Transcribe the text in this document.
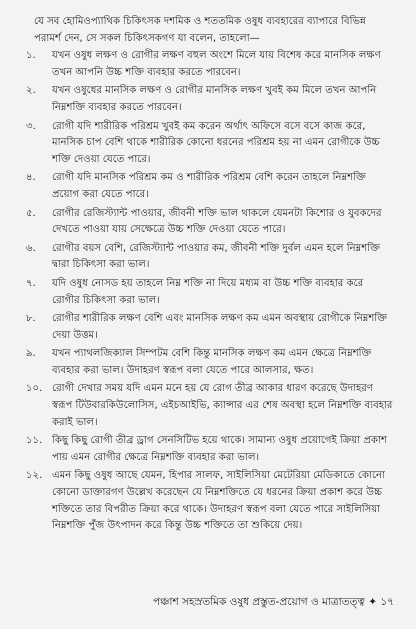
যে সব হোমিওপ্যাথিক চিকিৎসক দশমিক ও শততমিক ওষুধ ব্যবহারের ব্যাপারে বিভিন্ন পরামর্শ দেন, সে সকল চিকিৎসকগণ যা বলেন, তাহলো—

১.	যখন ওষুধ লক্ষণ ও রোগীর লক্ষণ বহুল অংশে মিলে যায় বিশেষ করে মানসিক লক্ষণ তখন আপনি উচ্চ শক্তি ব্যবহার করতে পারবেন।
২.	যখন ওষুধের মানসিক লক্ষণ ও রোগীর মানসিক লক্ষণ খুবই কম মিলে তখন আপনি নিম্নশক্তি ব্যবহার করতে পারবেন।
৩.	রোগী যদি শারীরিক পরিশ্রম খুবই কম করেন অর্থাৎ অফিসে বসে বসে কাজ করে, মানসিক চাপ বেশি থাকে শারীরিক কোনো ধরনের পরিশ্রম হয় না এমন রোগীকে উচ্চ শক্তি দেওয়া যেতে পারে।
৪.	রোগী যদি মানসিক পরিশ্রম কম ও শারীরিক পরিশ্রম বেশি করেন তাহলে নিম্নশক্তি প্রয়োগ করা যেতে পারে।
৫.	রোগীর রেজিস্ট্যান্ট পাওয়ার, জীবনী শক্তি ভাল থাকলে যেমনটা কিশোর ও যুবকদের দেখতে পাওয়া যায় সেক্ষেত্রে উচ্চ শক্তি দেওয়া যেতে পারে।
৬.	রোগীর বয়স বেশি, রেজিস্ট্যান্ট পাওয়ার কম, জীবনী শক্তি দুর্বল এমন হলে নিম্নশক্তি দ্বারা চিকিৎসা করা ভাল।
৭.	যদি ওষুধ নোসড হয় তাহলে নিম্ন শক্তি না দিয়ে মধ্যম বা উচ্চ শক্তি ব্যবহার করে রোগীর চিকিৎসা করা ভাল।
৮.	রোগীর শারীরিক লক্ষণ বেশি এবং মানসিক লক্ষণ কম এমন অবস্থায় রোগীকে নিম্নশক্তি দেয়া উত্তম।
৯.	যখন প্যাথলজিক্যাল সিম্পটম বেশি কিন্তু মানসিক লক্ষণ কম এমন ক্ষেত্রে নিম্নশক্তি ব্যবহার করা ভাল। উদাহরণ স্বরূপ বলা যেতে পারে আলসার, ক্ষত।
১০. রোগী দেখার সময় যদি এমন মনে হয় যে রোগ তীব্র আকার ধারণ করেছে উদাহরণ স্বরূপ টিউবারকিউলোসিস, এইচআইভি, ক্যান্সার এর শেষ অবস্থা হলে নিম্নশক্তি ব্যবহার করাই ভাল।
১১. কিছু কিছু রোগী তীব্র ড্রাগ সেনসিটিভ হয়ে থাকে। সামান্য ওষুধ প্রয়োগেই ক্রিয়া প্রকাশ পায় এমন রোগীর ক্ষেত্রে নিম্নশক্তি ব্যবহার করা ভাল।
১২. এমন কিছু ওষুধ আছে যেমন, হিপার সালফ, সাইলিসিয়া মেটেরিয়া মেডিকাতে কোনো কোনো ডাক্তারগণ উল্লেখ করেছেন যে নিম্নশক্তিতে যে ধরনের ক্রিয়া প্রকাশ করে উচ্চ শক্তিতে তার বিপরীত ক্রিয়া করে থাকে। উদাহরণ স্বরূপ বলা যেতে পারে সাইলিসিয়া নিম্নশক্তি পুঁজ উৎপাদন করে কিন্তু উচ্চ শক্তিতে তা শুকিয়ে দেয়।
পঞ্চাশ সহস্রতমিক ওষুধ প্রস্তুত-প্রয়োগ ও মাত্রাতত্ত্ব ✦ ১৭
